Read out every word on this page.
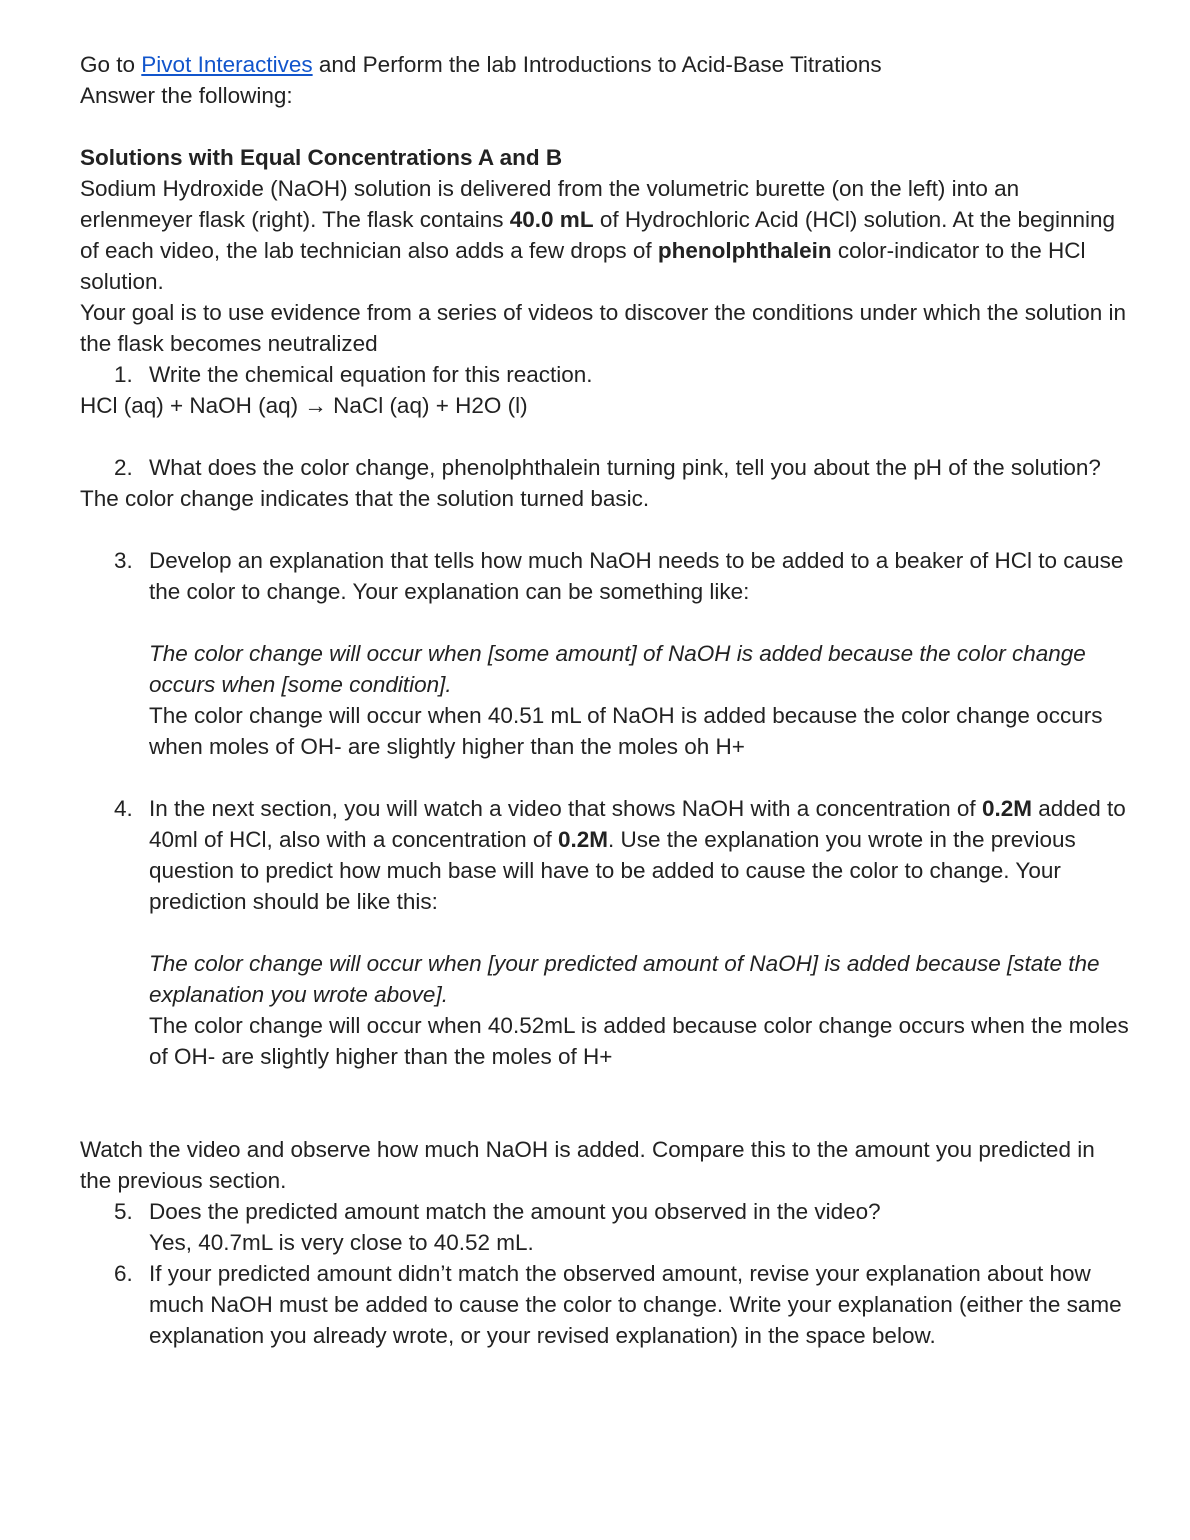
Go to Pivot Interactives and Perform the lab Introductions to Acid-Base Titrations

Answer the following:

Solutions with Equal Concentrations A and B

Sodium Hydroxide (NaOH) solution is delivered from the volumetric burette (on the left) into an erlenmeyer flask (right). The flask contains 40.0 mL of Hydrochloric Acid (HCl) solution. At the beginning of each video, the lab technician also adds a few drops of phenolphthalein color-indicator to the HCl solution.

Your goal is to use evidence from a series of videos to discover the conditions under which the solution in the flask becomes neutralized

1. Write the chemical equation for this reaction.

HCl (aq) + NaOH (aq) → NaCl (aq) + H2O (l)

2. What does the color change, phenolphthalein turning pink, tell you about the pH of the solution?

The color change indicates that the solution turned basic.

3. Develop an explanation that tells how much NaOH needs to be added to a beaker of HCl to cause the color to change. Your explanation can be something like:

The color change will occur when [some amount] of NaOH is added because the color change occurs when [some condition].

The color change will occur when 40.51 mL of NaOH is added because the color change occurs when moles of OH- are slightly higher than the moles oh H+

4. In the next section, you will watch a video that shows NaOH with a concentration of 0.2M added to 40ml of HCl, also with a concentration of 0.2M. Use the explanation you wrote in the previous question to predict how much base will have to be added to cause the color to change. Your prediction should be like this:

The color change will occur when [your predicted amount of NaOH] is added because [state the explanation you wrote above].

The color change will occur when 40.52mL is added because color change occurs when the moles of OH- are slightly higher than the moles of H+

Watch the video and observe how much NaOH is added. Compare this to the amount you predicted in the previous section.

5. Does the predicted amount match the amount you observed in the video?

Yes, 40.7mL is very close to 40.52 mL.

6. If your predicted amount didn’t match the observed amount, revise your explanation about how much NaOH must be added to cause the color to change. Write your explanation (either the same explanation you already wrote, or your revised explanation) in the space below.
